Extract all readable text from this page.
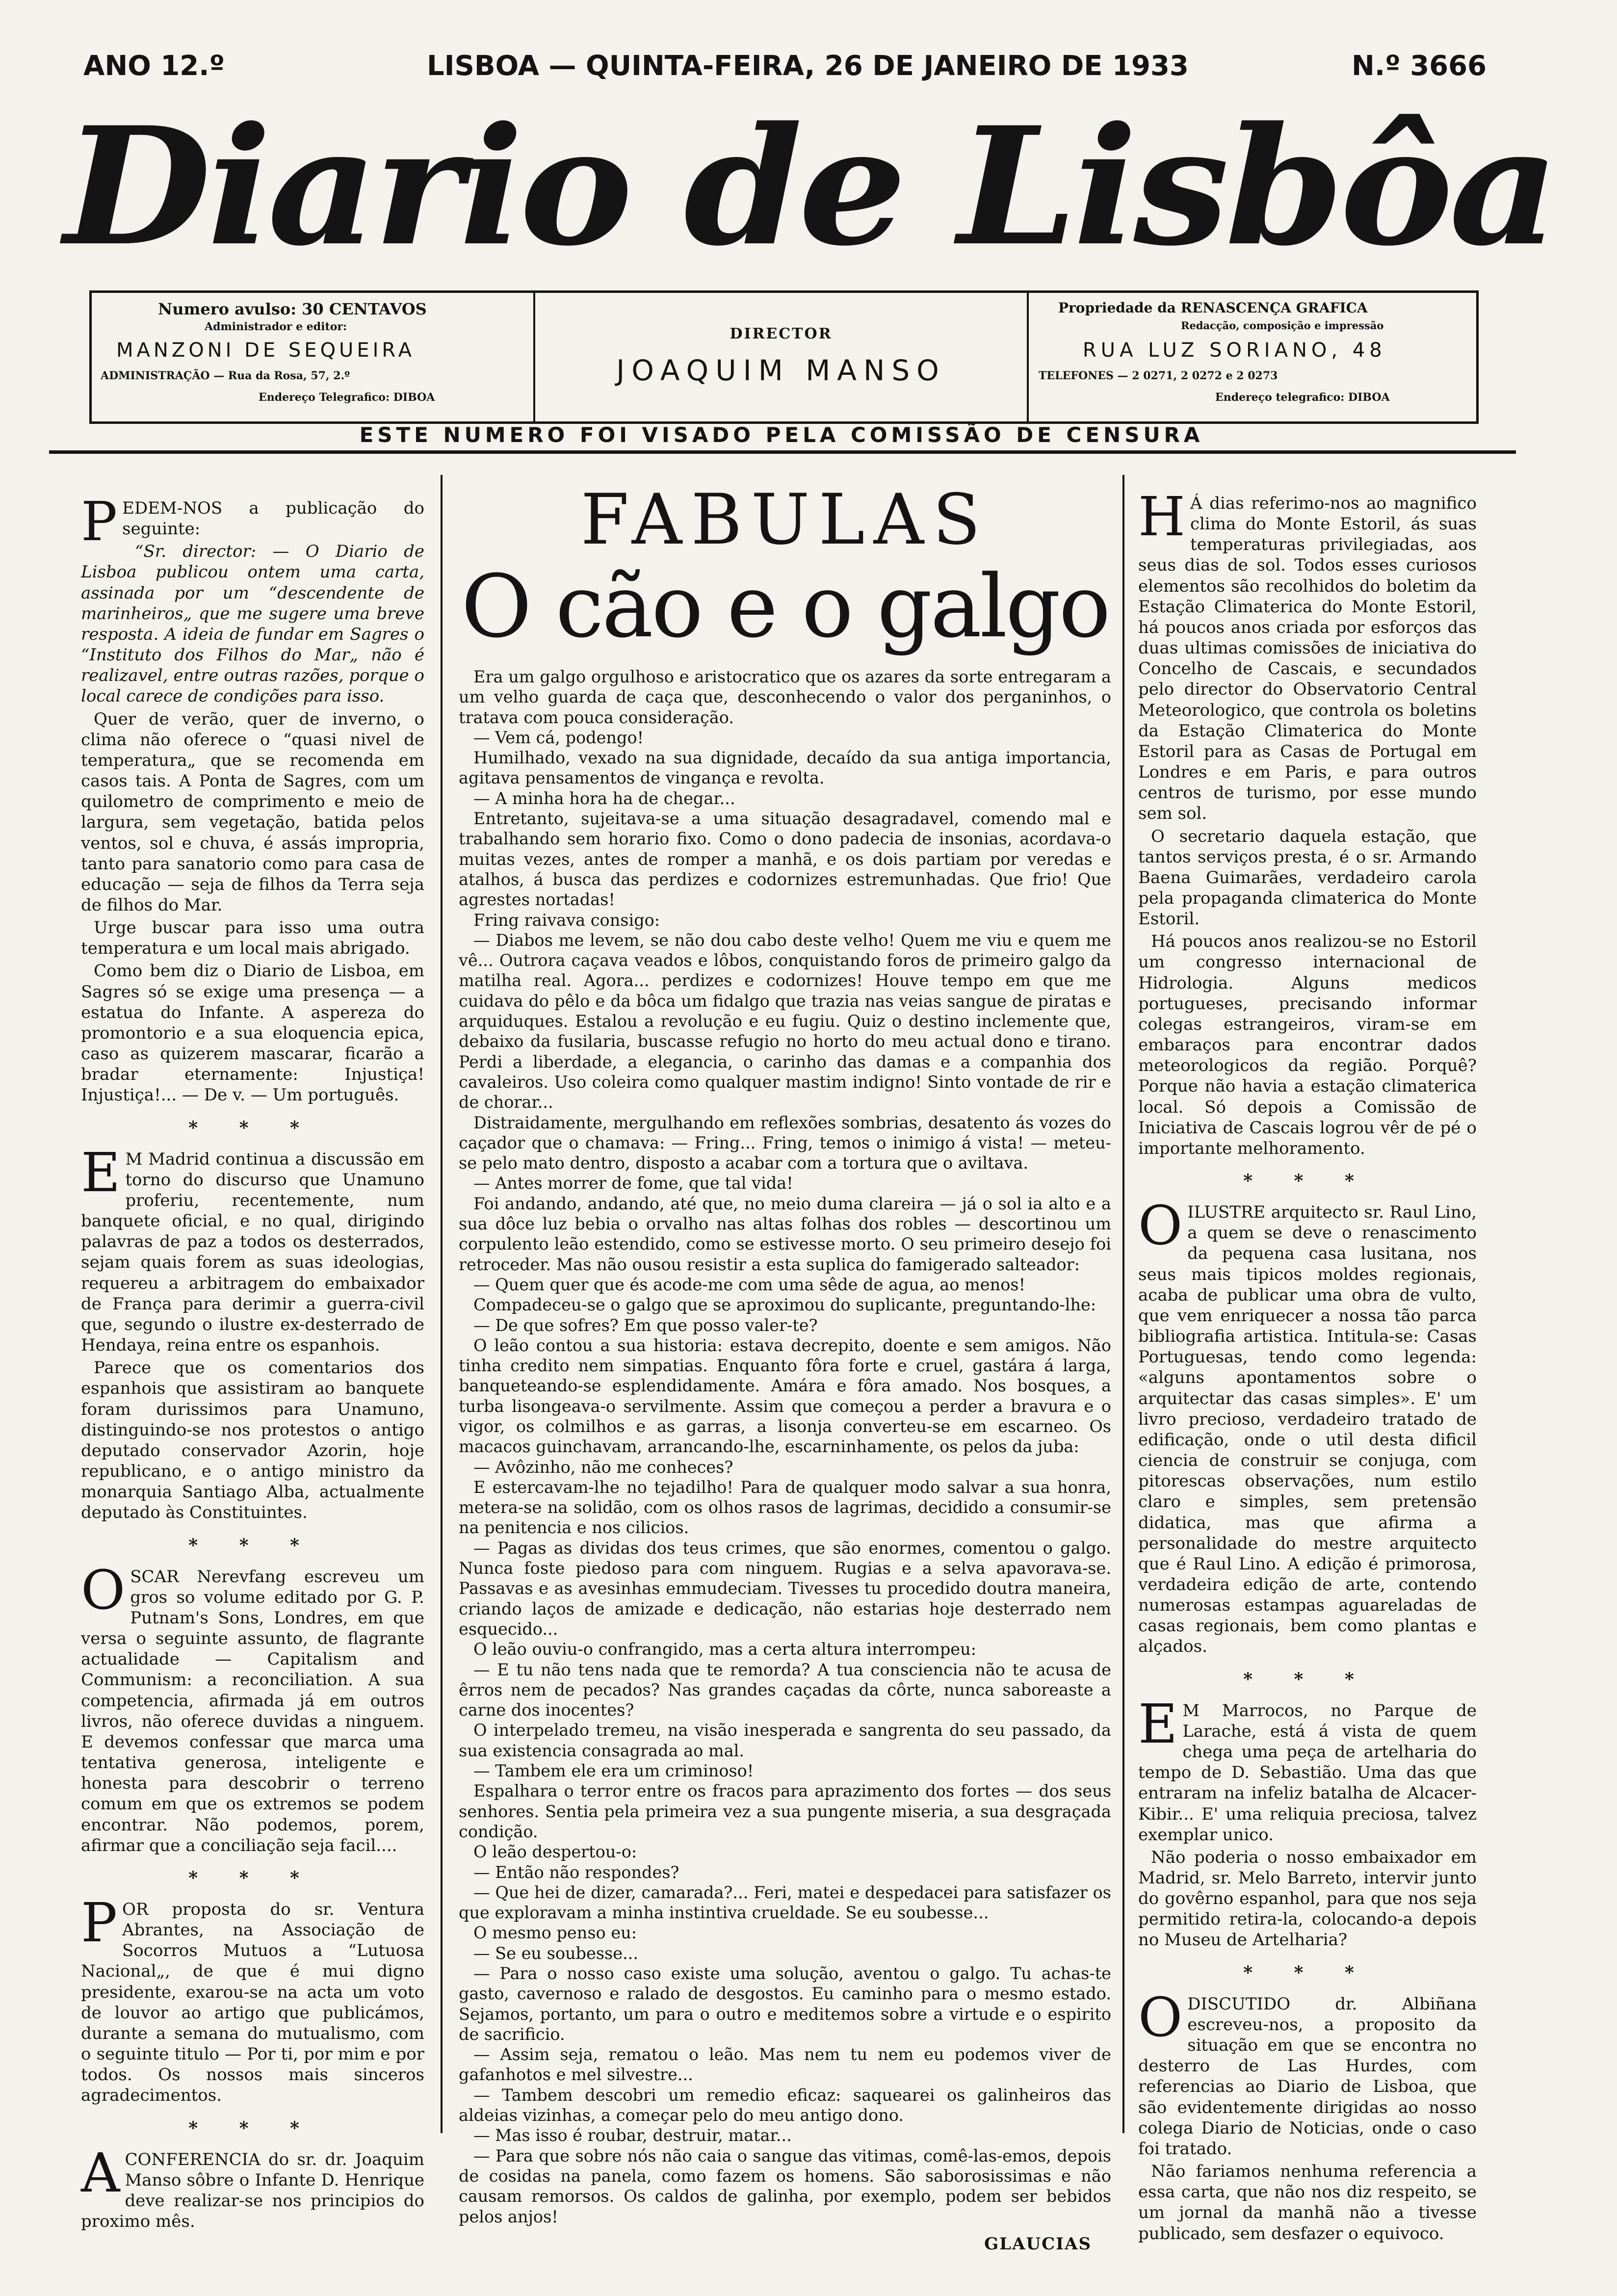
ANO 12.º	LISBOA — QUINTA-FEIRA, 26 DE JANEIRO DE 1933	N.º 3666
Diario de Lisbôa
Numero avulso: 30 CENTAVOS
Administrador e editor:
MANZONI DE SEQUEIRA
ADMINISTRAÇÃO — Rua da Rosa, 57, 2.º
Endereço Telegrafico: DIBOA
DIRECTOR
JOAQUIM MANSO
Propriedade da RENASCENÇA GRAFICA
Redacção, composição e impressão
RUA LUZ SORIANO, 48
TELEFONES — 2 0271, 2 0272 e 2 0273
Endereço telegrafico: DIBOA
ESTE NUMERO FOI VISADO PELA COMISSÃO DE CENSURA

PEDEM-NOS a publicação do seguinte:

“Sr. director: — O Diario de Lisboa publicou ontem uma carta, assinada por um “descendente de marinheiros„ que me sugere uma breve resposta. A ideia de fundar em Sagres o “Instituto dos Filhos do Mar„ não é realizavel, entre outras razões, porque o local carece de condições para isso.

Quer de verão, quer de inverno, o clima não oferece o “quasi nivel de temperatura„ que se recomenda em casos tais. A Ponta de Sagres, com um quilometro de comprimento e meio de largura, sem vegetação, batida pelos ventos, sol e chuva, é assás impropria, tanto para sanatorio como para casa de educação — seja de filhos da Terra seja de filhos do Mar.

Urge buscar para isso uma outra temperatura e um local mais abrigado.

Como bem diz o Diario de Lisboa, em Sagres só se exige uma presença — a estatua do Infante. A aspereza do promontorio e a sua eloquencia epica, caso as quizerem mascarar, ficarão a bradar eternamente: Injustiça! Injustiça!... — De v. — Um português.

* * *

E M Madrid continua a discussão em torno do discurso que Unamuno proferiu, recentemente, num banquete oficial, e no qual, dirigindo palavras de paz a todos os desterrados, sejam quais forem as suas ideologias, requereu a arbitragem do embaixador de França para derimir a guerra-civil que, segundo o ilustre ex-desterrado de Hendaya, reina entre os espanhois.

Parece que os comentarios dos espanhois que assistiram ao banquete foram durissimos para Unamuno, distinguindo-se nos protestos o antigo deputado conservador Azorin, hoje republicano, e o antigo ministro da monarquia Santiago Alba, actualmente deputado às Constituintes.

* * *

OSCAR Nerevfang escreveu um gros so volume editado por G. P. Putnam's Sons, Londres, em que versa o seguinte assunto, de flagrante actualidade — Capitalism and Communism: a reconciliation. A sua competencia, afirmada já em outros livros, não oferece duvidas a ninguem. E devemos confessar que marca uma tentativa generosa, inteligente e honesta para descobrir o terreno comum em que os extremos se podem encontrar. Não podemos, porem, afirmar que a conciliação seja facil....

* * *

POR proposta do sr. Ventura Abrantes, na Associação de Socorros Mutuos a “Lutuosa Nacional„, de que é mui digno presidente, exarou-se na acta um voto de louvor ao artigo que publicámos, durante a semana do mutualismo, com o seguinte titulo — Por ti, por mim e por todos. Os nossos mais sinceros agradecimentos.

* * *

ACONFERENCIA do sr. dr. Joaquim Manso sôbre o Infante D. Henrique deve realizar-se nos principios do proximo mês.

FABULAS
O cão e o galgo

Era um galgo orgulhoso e aristocratico que os azares da sorte entregaram a um velho guarda de caça que, desconhecendo o valor dos perganinhos, o tratava com pouca consideração.

— Vem cá, podengo!

Humilhado, vexado na sua dignidade, decaído da sua antiga importancia, agitava pensamentos de vingança e revolta.

— A minha hora ha de chegar...

Entretanto, sujeitava-se a uma situação desagradavel, comendo mal e trabalhando sem horario fixo. Como o dono padecia de insonias, acordava-o muitas vezes, antes de romper a manhã, e os dois partiam por veredas e atalhos, á busca das perdizes e codornizes estremunhadas. Que frio! Que agrestes nortadas!

Fring raivava consigo:

— Diabos me levem, se não dou cabo deste velho! Quem me viu e quem me vê... Outrora caçava veados e lôbos, conquistando foros de primeiro galgo da matilha real. Agora... perdizes e codornizes! Houve tempo em que me cuidava do pêlo e da bôca um fidalgo que trazia nas veias sangue de piratas e arquiduques. Estalou a revolução e eu fugiu. Quiz o destino inclemente que, debaixo da fusilaria, buscasse refugio no horto do meu actual dono e tirano. Perdi a liberdade, a elegancia, o carinho das damas e a companhia dos cavaleiros. Uso coleira como qualquer mastim indigno! Sinto vontade de rir e de chorar...

Distraidamente, mergulhando em reflexões sombrias, desatento ás vozes do caçador que o chamava: — Fring... Fring, temos o inimigo á vista! — meteu-se pelo mato dentro, disposto a acabar com a tortura que o aviltava.

— Antes morrer de fome, que tal vida!

Foi andando, andando, até que, no meio duma clareira — já o sol ia alto e a sua dôce luz bebia o orvalho nas altas folhas dos robles — descortinou um corpulento leão estendido, como se estivesse morto. O seu primeiro desejo foi retroceder. Mas não ousou resistir a esta suplica do famigerado salteador:

— Quem quer que és acode-me com uma sêde de agua, ao menos!

Compadeceu-se o galgo que se aproximou do suplicante, preguntando-lhe:

— De que sofres? Em que posso valer-te?

O leão contou a sua historia: estava decrepito, doente e sem amigos. Não tinha credito nem simpatias. Enquanto fôra forte e cruel, gastára á larga, banqueteando-se esplendidamente. Amára e fôra amado. Nos bosques, a turba lisongeava-o servilmente. Assim que começou a perder a bravura e o vigor, os colmilhos e as garras, a lisonja converteu-se em escarneo. Os macacos guinchavam, arrancando-lhe, escarninhamente, os pelos da juba:

— Avôzinho, não me conheces?

E estercavam-lhe no tejadilho! Para de qualquer modo salvar a sua honra, metera-se na solidão, com os olhos rasos de lagrimas, decidido a consumir-se na penitencia e nos cilicios.

— Pagas as dividas dos teus crimes, que são enormes, comentou o galgo. Nunca foste piedoso para com ninguem. Rugias e a selva apavorava-se. Passavas e as avesinhas emmudeciam. Tivesses tu procedido doutra maneira, criando laços de amizade e dedicação, não estarias hoje desterrado nem esquecido...

O leão ouviu-o confrangido, mas a certa altura interrompeu:

— E tu não tens nada que te remorda? A tua consciencia não te acusa de êrros nem de pecados? Nas grandes caçadas da côrte, nunca saboreaste a carne dos inocentes?

O interpelado tremeu, na visão inesperada e sangrenta do seu passado, da sua existencia consagrada ao mal.

— Tambem ele era um criminoso!

Espalhara o terror entre os fracos para aprazimento dos fortes — dos seus senhores. Sentia pela primeira vez a sua pungente miseria, a sua desgraçada condição.

O leão despertou-o:

— Então não respondes?

— Que hei de dizer, camarada?... Feri, matei e despedacei para satisfazer os que exploravam a minha instintiva crueldade. Se eu soubesse...

O mesmo penso eu:

— Se eu soubesse...

— Para o nosso caso existe uma solução, aventou o galgo. Tu achas-te gasto, cavernoso e ralado de desgostos. Eu caminho para o mesmo estado. Sejamos, portanto, um para o outro e meditemos sobre a virtude e o espirito de sacrificio.

— Assim seja, rematou o leão. Mas nem tu nem eu podemos viver de gafanhotos e mel silvestre...

— Tambem descobri um remedio eficaz: saquearei os galinheiros das aldeias vizinhas, a começar pelo do meu antigo dono.

— Mas isso é roubar, destruir, matar...

— Para que sobre nós não caia o sangue das vitimas, comê-las-emos, depois de cosidas na panela, como fazem os homens. São saborosissimas e não causam remorsos. Os caldos de galinha, por exemplo, podem ser bebidos pelos anjos!

GLAUCIAS

H Á dias referimo-nos ao magnifico clima do Monte Estoril, ás suas temperaturas privilegiadas, aos seus dias de sol. Todos esses curiosos elementos são recolhidos do boletim da Estação Climaterica do Monte Estoril, há poucos anos criada por esforços das duas ultimas comissões de iniciativa do Concelho de Cascais, e secundados pelo director do Observatorio Central Meteorologico, que controla os boletins da Estação Climaterica do Monte Estoril para as Casas de Portugal em Londres e em Paris, e para outros centros de turismo, por esse mundo sem sol.

O secretario daquela estação, que tantos serviços presta, é o sr. Armando Baena Guimarães, verdadeiro carola pela propaganda climaterica do Monte Estoril.

Há poucos anos realizou-se no Estoril um congresso internacional de Hidrologia. Alguns medicos portugueses, precisando informar colegas estrangeiros, viram-se em embaraços para encontrar dados meteorologicos da região. Porquê? Porque não havia a estação climaterica local. Só depois a Comissão de Iniciativa de Cascais logrou vêr de pé o importante melhoramento.

* * *

OILUSTRE arquitecto sr. Raul Lino, a quem se deve o renascimento da pequena casa lusitana, nos seus mais tipicos moldes regionais, acaba de publicar uma obra de vulto, que vem enriquecer a nossa tão parca bibliografia artistica. Intitula-se: Casas Portuguesas, tendo como legenda: «alguns apontamentos sobre o arquitectar das casas simples». E' um livro precioso, verdadeiro tratado de edificação, onde o util desta dificil ciencia de construir se conjuga, com pitorescas observações, num estilo claro e simples, sem pretensão didatica, mas que afirma a personalidade do mestre arquitecto que é Raul Lino. A edição é primorosa, verdadeira edição de arte, contendo numerosas estampas aguareladas de casas regionais, bem como plantas e alçados.

* * *

E M Marrocos, no Parque de Larache, está á vista de quem chega uma peça de artelharia do tempo de D. Sebastião. Uma das que entraram na infeliz batalha de Alcacer-Kibir... E' uma reliquia preciosa, talvez exemplar unico.

Não poderia o nosso embaixador em Madrid, sr. Melo Barreto, intervir junto do govêrno espanhol, para que nos seja permitido retira-la, colocando-a depois no Museu de Artelharia?

* * *

ODISCUTIDO dr. Albiñana escreveu-nos, a proposito da situação em que se encontra no desterro de Las Hurdes, com referencias ao Diario de Lisboa, que são evidentemente dirigidas ao nosso colega Diario de Noticias, onde o caso foi tratado.

Não fariamos nenhuma referencia a essa carta, que não nos diz respeito, se um jornal da manhã não a tivesse publicado, sem desfazer o equivoco.
